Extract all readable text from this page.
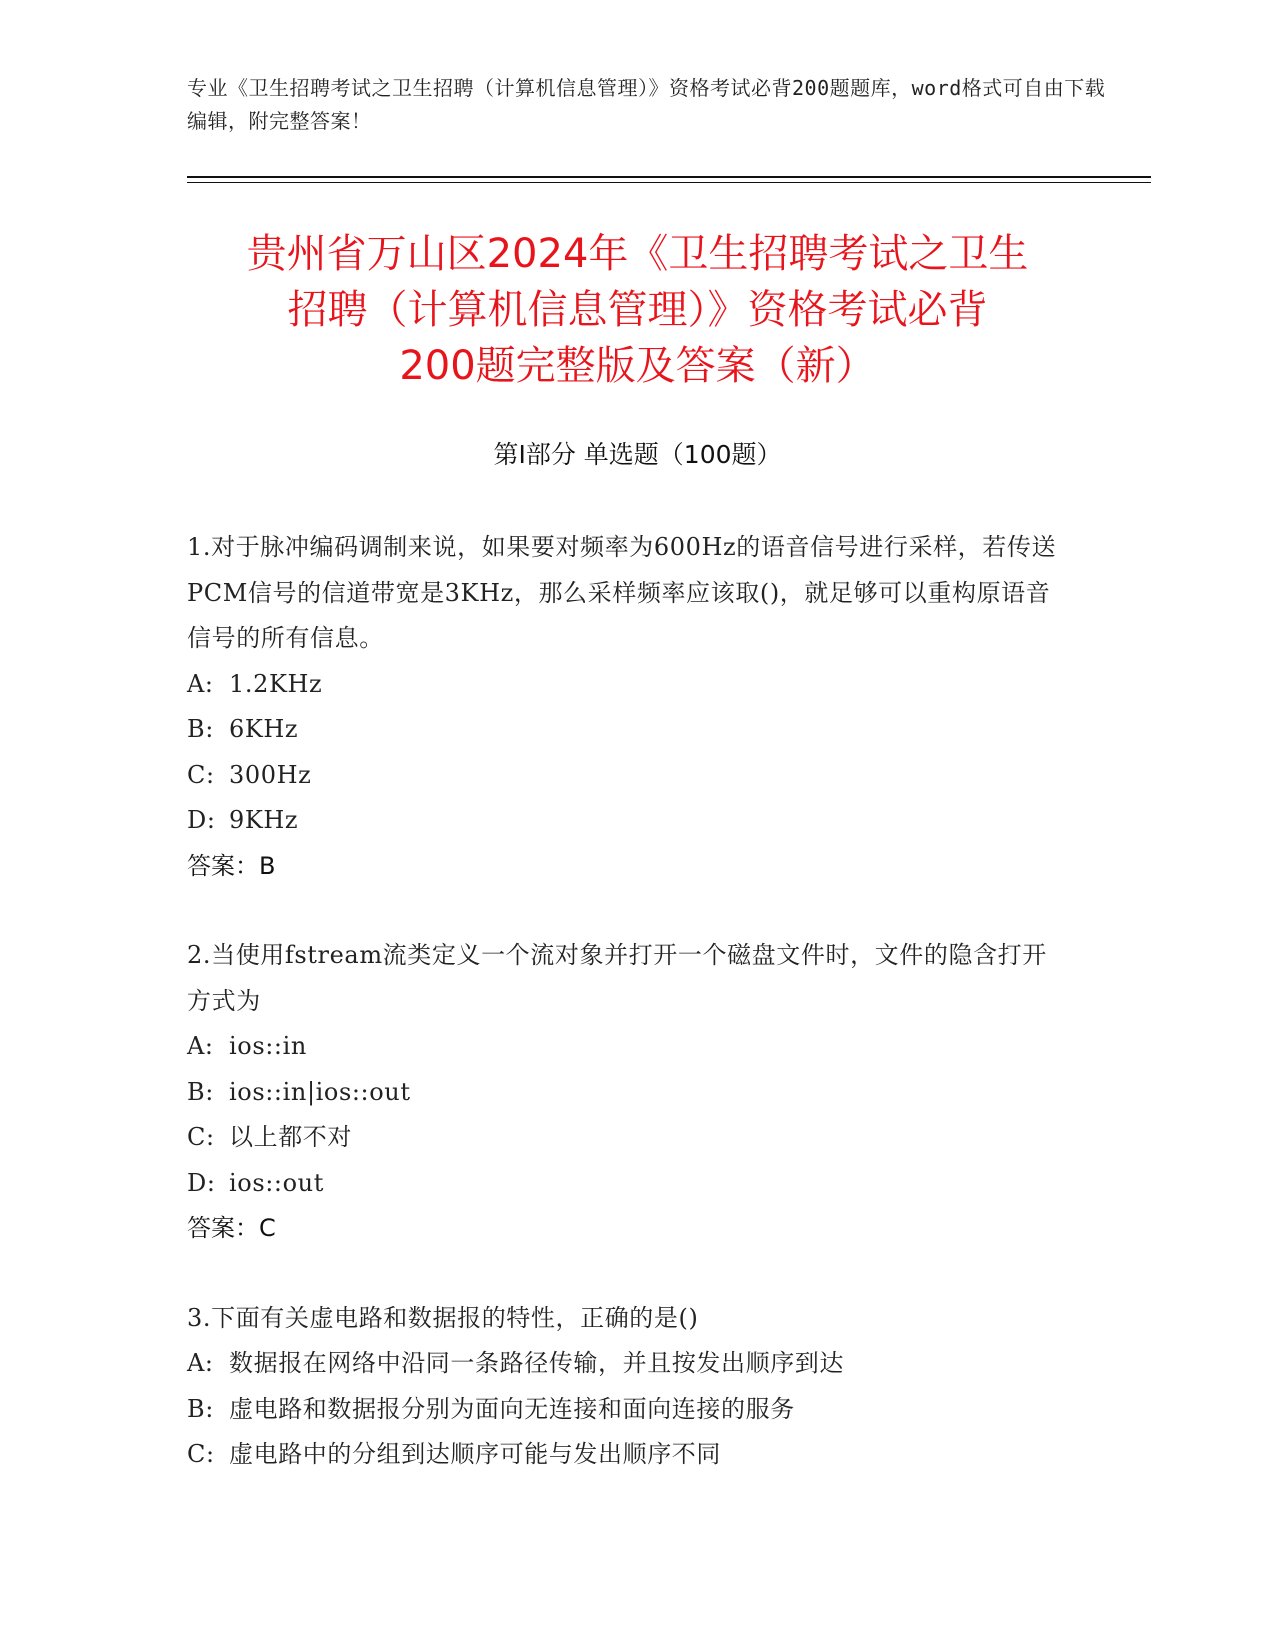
专业《卫生招聘考试之卫生招聘（计算机信息管理）》资格考试必背200题题库，word格式可自由下载编辑，附完整答案！
贵州省万山区2024年《卫生招聘考试之卫生
招聘（计算机信息管理）》资格考试必背
200题完整版及答案（新）
第Ⅰ部分 单选题（100题）
1.对于脉冲编码调制来说，如果要对频率为600Hz的语音信号进行采样，若传送PCM信号的信道带宽是3KHz，那么采样频率应该取()，就足够可以重构原语音信号的所有信息。
A: 1.2KHz
B: 6KHz
C: 300Hz
D: 9KHz
答案：B
2.当使用fstream流类定义一个流对象并打开一个磁盘文件时，文件的隐含打开方式为
A: ios::in
B: ios::in|ios::out
C: 以上都不对
D: ios::out
答案：C
3.下面有关虚电路和数据报的特性，正确的是()
A: 数据报在网络中沿同一条路径传输，并且按发出顺序到达
B: 虚电路和数据报分别为面向无连接和面向连接的服务
C: 虚电路中的分组到达顺序可能与发出顺序不同
